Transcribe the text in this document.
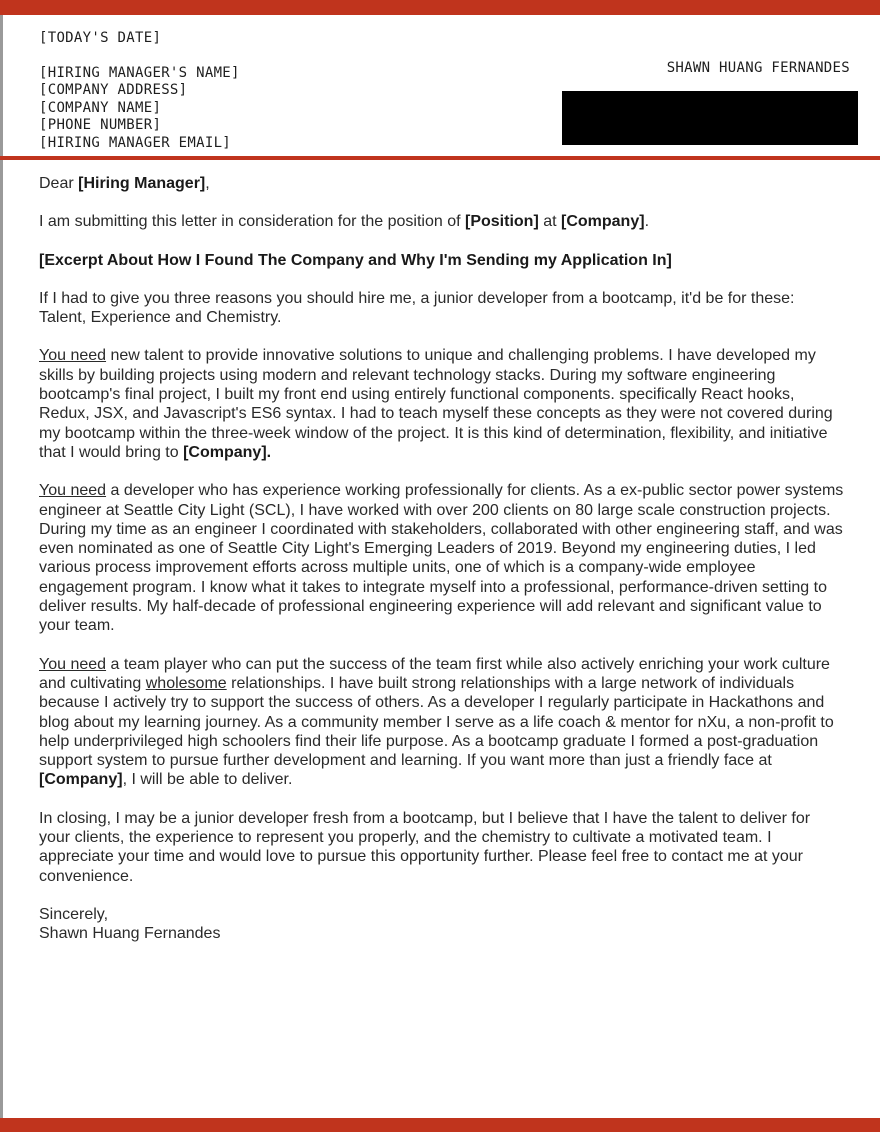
[TODAY'S DATE]
[HIRING MANAGER'S NAME]
[COMPANY ADDRESS]
[COMPANY NAME]
[PHONE NUMBER]
[HIRING MANAGER EMAIL]
SHAWN HUANG FERNANDES

Dear [Hiring Manager],

I am submitting this letter in consideration for the position of [Position] at [Company].

[Excerpt About How I Found The Company and Why I'm Sending my Application In]

If I had to give you three reasons you should hire me, a junior developer from a bootcamp, it'd be for these: Talent, Experience and Chemistry.

You need new talent to provide innovative solutions to unique and challenging problems. I have developed my skills by building projects using modern and relevant technology stacks. During my software engineering bootcamp's final project, I built my front end using entirely functional components. specifically React hooks, Redux, JSX, and Javascript's ES6 syntax. I had to teach myself these concepts as they were not covered during my bootcamp within the three-week window of the project. It is this kind of determination, flexibility, and initiative that I would bring to [Company].

You need a developer who has experience working professionally for clients. As a ex-public sector power systems engineer at Seattle City Light (SCL), I have worked with over 200 clients on 80 large scale construction projects. During my time as an engineer I coordinated with stakeholders, collaborated with other engineering staff, and was even nominated as one of Seattle City Light's Emerging Leaders of 2019. Beyond my engineering duties, I led various process improvement efforts across multiple units, one of which is a company-wide employee engagement program. I know what it takes to integrate myself into a professional, performance-driven setting to deliver results. My half-decade of professional engineering experience will add relevant and significant value to your team.

You need a team player who can put the success of the team first while also actively enriching your work culture and cultivating wholesome relationships. I have built strong relationships with a large network of individuals because I actively try to support the success of others. As a developer I regularly participate in Hackathons and blog about my learning journey. As a community member I serve as a life coach & mentor for nXu, a non-profit to help underprivileged high schoolers find their life purpose. As a bootcamp graduate I formed a post-graduation support system to pursue further development and learning. If you want more than just a friendly face at [Company], I will be able to deliver.

In closing, I may be a junior developer fresh from a bootcamp, but I believe that I have the talent to deliver for your clients, the experience to represent you properly, and the chemistry to cultivate a motivated team. I appreciate your time and would love to pursue this opportunity further. Please feel free to contact me at your convenience.

Sincerely,
Shawn Huang Fernandes
